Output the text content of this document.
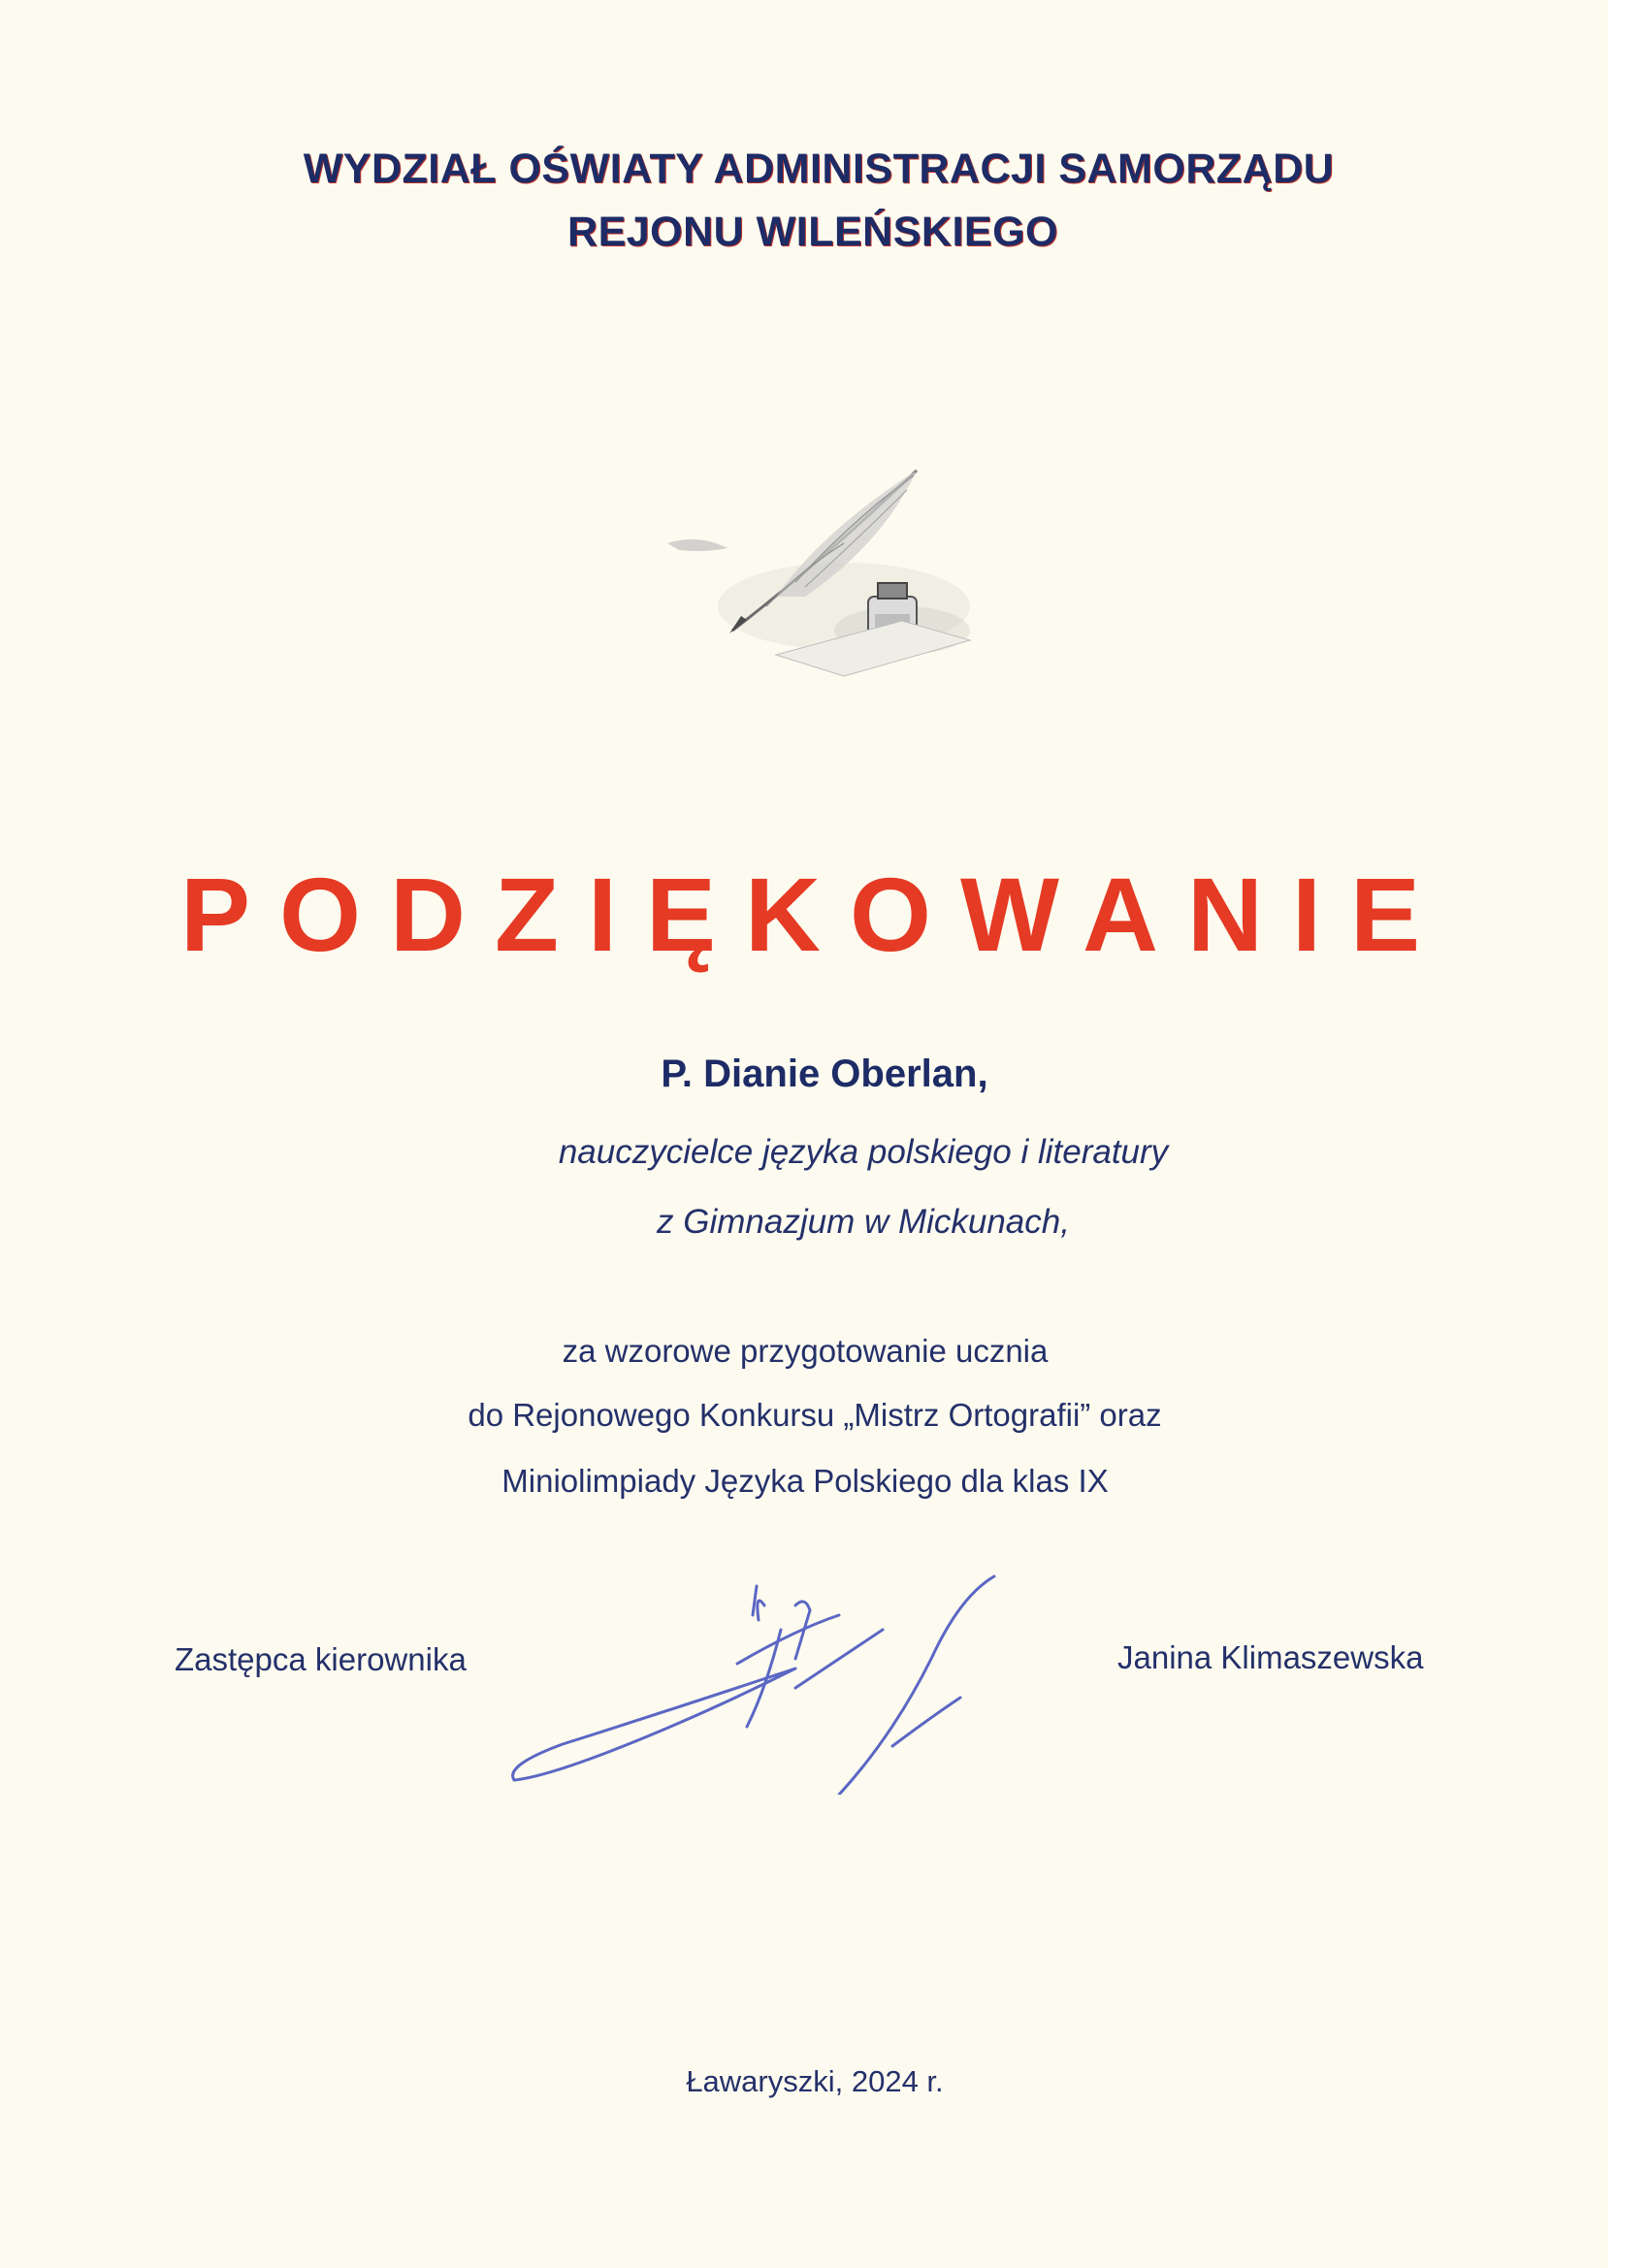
WYDZIAŁ OŚWIATY ADMINISTRACJI SAMORZĄDU
REJONU WILEŃSKIEGO
PODZIĘKOWANIE
P. Dianie Oberlan,
nauczycielce języka polskiego i literatury
z Gimnazjum w Mickunach,
za wzorowe przygotowanie ucznia
do Rejonowego Konkursu „Mistrz Ortografii” oraz
Miniolimpiady Języka Polskiego dla klas IX
Zastępca kierownika	Janina Klimaszewska
Ławaryszki, 2024 r.
